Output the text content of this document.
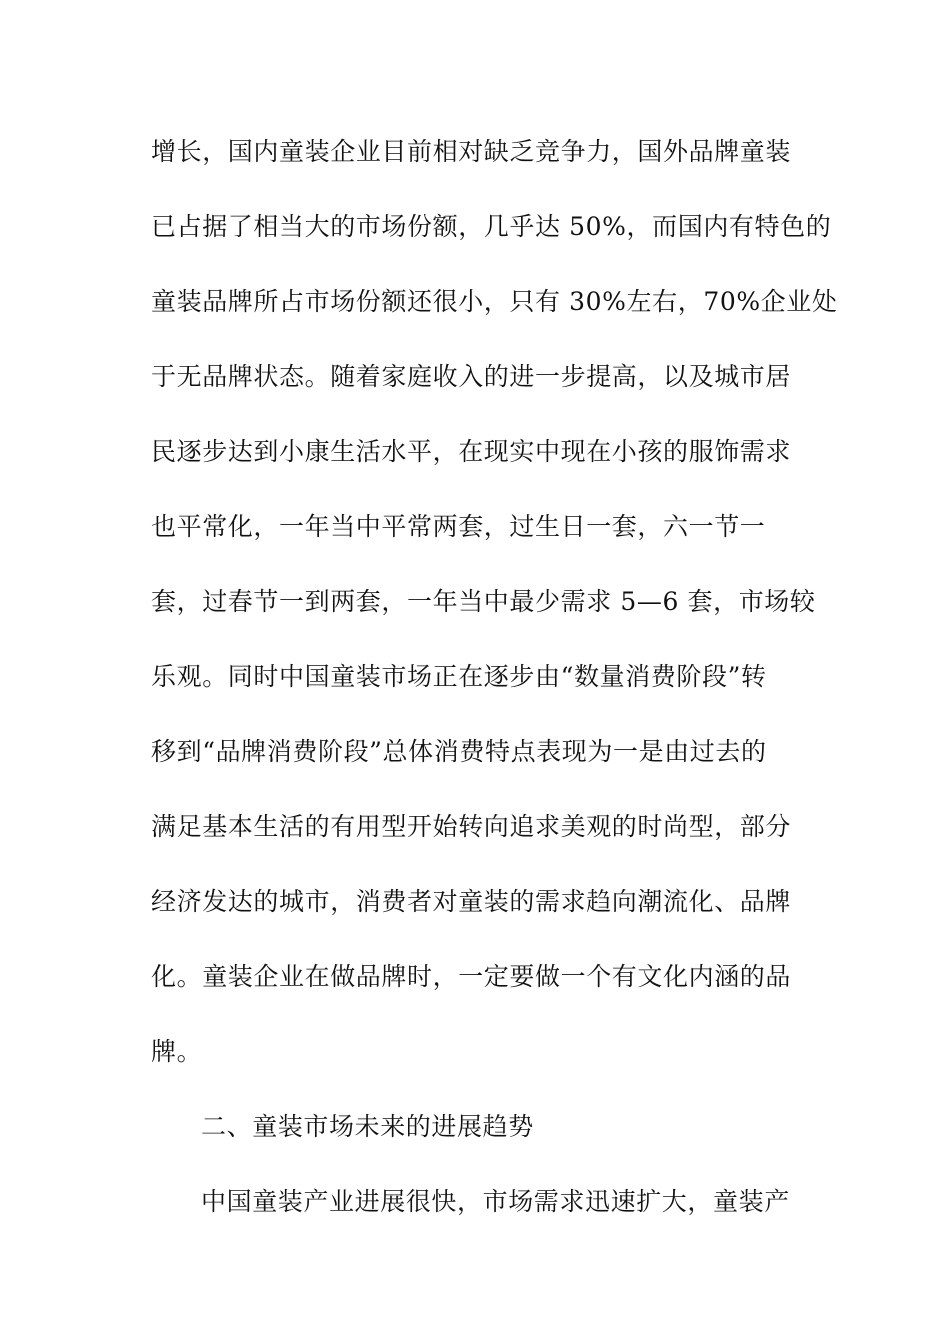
增长，国内童装企业目前相对缺乏竞争力，国外品牌童装
已占据了相当大的市场份额，几乎达 50%，而国内有特色的
童装品牌所占市场份额还很小，只有 30%左右，70%企业处
于无品牌状态。随着家庭收入的进一步提高，以及城市居
民逐步达到小康生活水平，在现实中现在小孩的服饰需求
也平常化，一年当中平常两套，过生日一套，六一节一
套，过春节一到两套，一年当中最少需求 5—6 套，市场较
乐观。同时中国童装市场正在逐步由“数量消费阶段”转
移到“品牌消费阶段”总体消费特点表现为一是由过去的
满足基本生活的有用型开始转向追求美观的时尚型，部分
经济发达的城市，消费者对童装的需求趋向潮流化、品牌
化。童装企业在做品牌时，一定要做一个有文化内涵的品
牌。
二、童装市场未来的进展趋势
中国童装产业进展很快，市场需求迅速扩大，童装产
